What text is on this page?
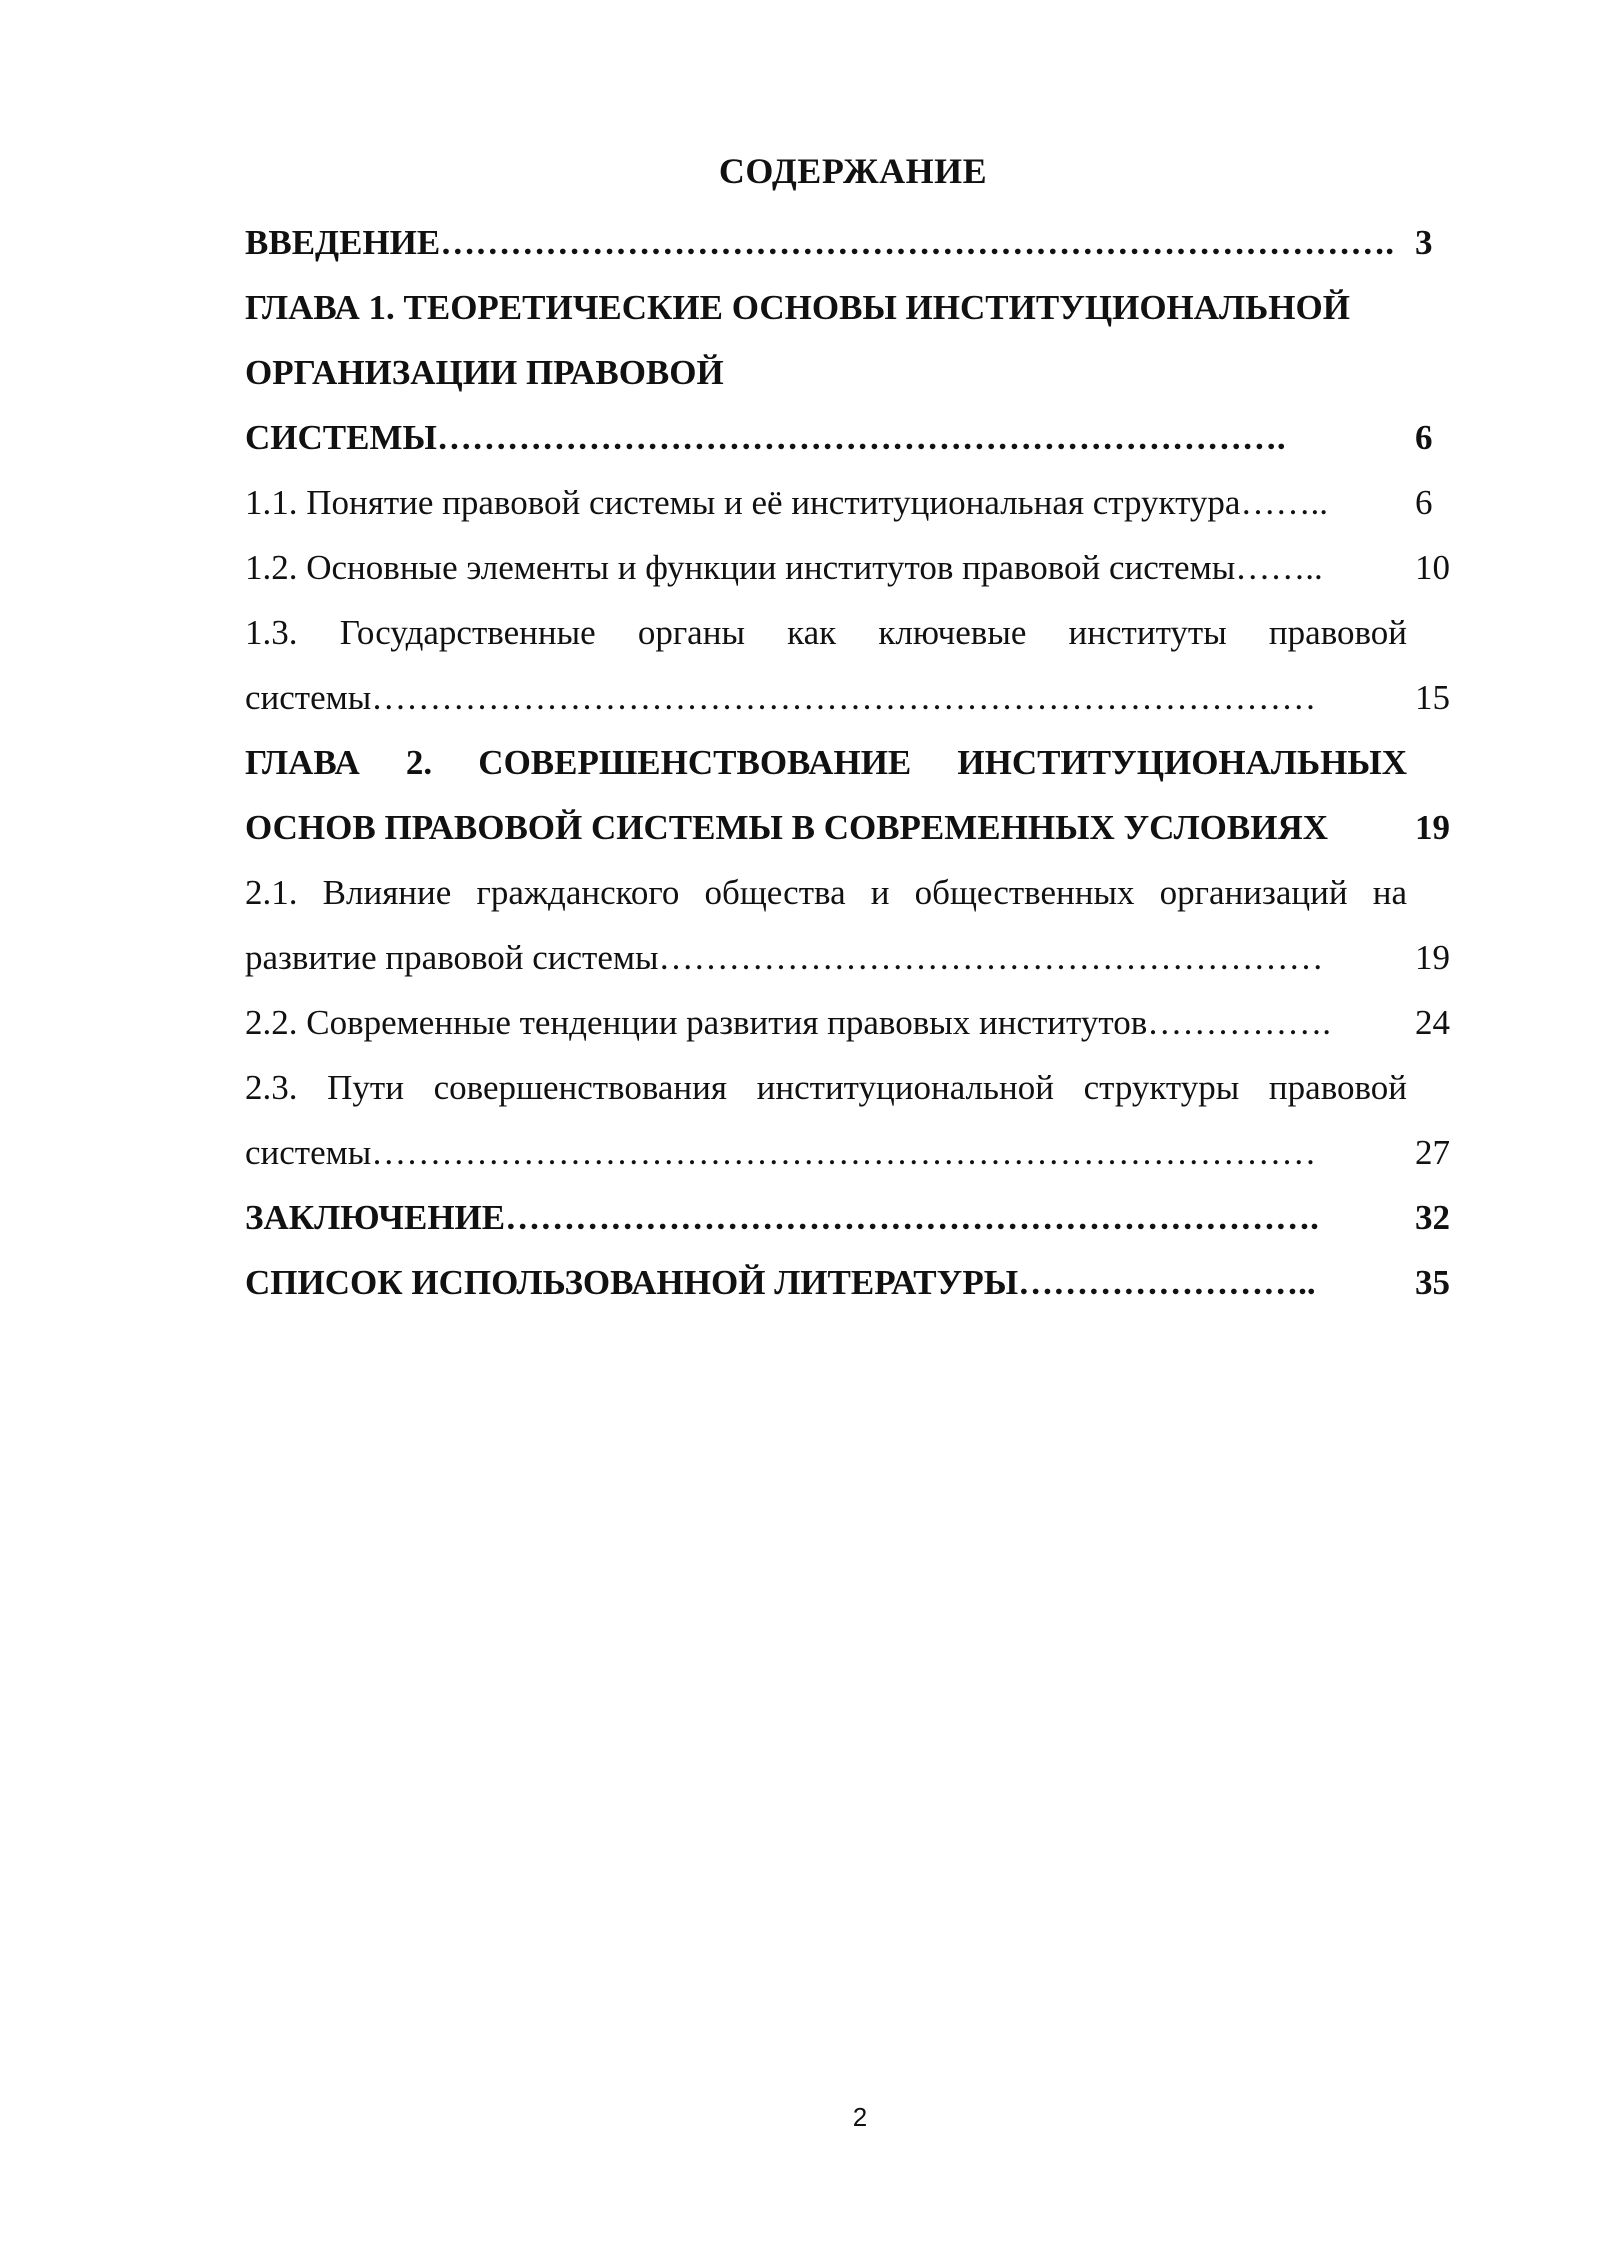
СОДЕРЖАНИЕ
3
ВВЕДЕНИЕ……………………………………………………………………….
6
ГЛАВА 1. ТЕОРЕТИЧЕСКИЕ ОСНОВЫ ИНСТИТУЦИОНАЛЬНОЙ ОРГАНИЗАЦИИ ПРАВОВОЙ СИСТЕМЫ……………………………………………………………….
6
1.1. Понятие правовой системы и её институциональная структура……..
10
1.2. Основные элементы и функции институтов правовой системы……..
15
1.3. Государственные органы как ключевые институты правовой системы………………………………………………………………………
19
ГЛАВА 2. СОВЕРШЕНСТВОВАНИЕ ИНСТИТУЦИОНАЛЬНЫХ ОСНОВ ПРАВОВОЙ СИСТЕМЫ В СОВРЕМЕННЫХ УСЛОВИЯХ
19
2.1. Влияние гражданского общества и общественных организаций на развитие правовой системы…………………………………………………
24
2.2. Современные тенденции развития правовых институтов…………….
27
2.3. Пути совершенствования институциональной структуры правовой системы………………………………………………………………………
32
ЗАКЛЮЧЕНИЕ…………………………………………………………….
35
СПИСОК ИСПОЛЬЗОВАННОЙ ЛИТЕРАТУРЫ……………………..
2
